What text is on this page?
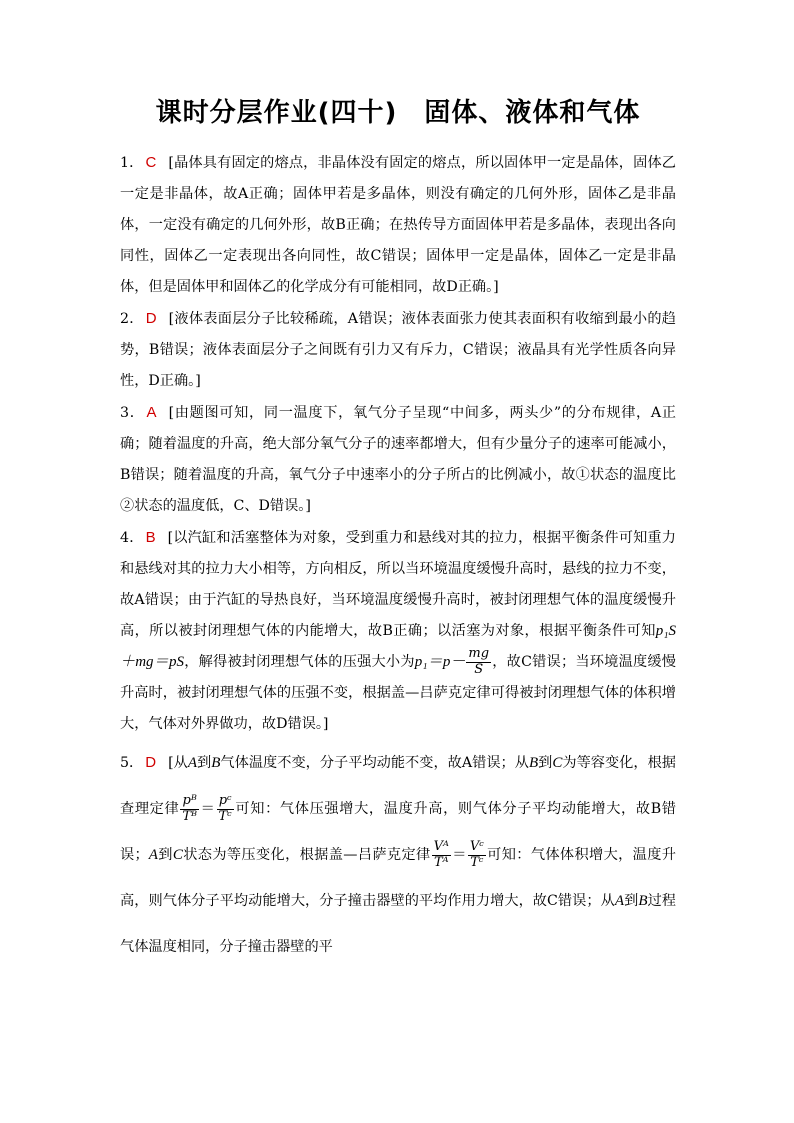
课时分层作业(四十)　固体、液体和气体

1． C [晶体具有固定的熔点，非晶体没有固定的熔点，所以固体甲一定是晶体，固体乙一定是非晶体，故A正确；固体甲若是多晶体，则没有确定的几何外形，固体乙是非晶体，一定没有确定的几何外形，故B正确；在热传导方面固体甲若是多晶体，表现出各向同性，固体乙一定表现出各向同性，故C错误；固体甲一定是晶体，固体乙一定是非晶体，但是固体甲和固体乙的化学成分有可能相同，故D正确。]

2． D [液体表面层分子比较稀疏，A错误；液体表面张力使其表面积有收缩到最小的趋势，B错误；液体表面层分子之间既有引力又有斥力，C错误；液晶具有光学性质各向异性，D正确。]

3． A [由题图可知，同一温度下，氧气分子呈现“中间多，两头少”的分布规律，A正确；随着温度的升高，绝大部分氧气分子的速率都增大，但有少量分子的速率可能减小，B错误；随着温度的升高，氧气分子中速率小的分子所占的比例减小，故①状态的温度比②状态的温度低，C、D错误。]

4． B [以汽缸和活塞整体为对象，受到重力和悬线对其的拉力，根据平衡条件可知重力和悬线对其的拉力大小相等，方向相反，所以当环境温度缓慢升高时，悬线的拉力不变，故A错误；由于汽缸的导热良好，当环境温度缓慢升高时，被封闭理想气体的温度缓慢升高，所以被封闭理想气体的内能增大，故B正确；以活塞为对象，根据平衡条件可知p₁S＋mg＝pS，解得被封闭理想气体的压强大小为$p_1=p- \frac{mg}{S}$ ，故C错误；当环境温度缓慢升高时，被封闭理想气体的压强不变，根据盖—吕萨克定律可得被封闭理想气体的体积增大，气体对外界做功，故D错误。]

5． D [从A到B气体温度不变，分子平均动能不变，故A错误；从B到C为等容变化，根据查理定律 $\frac{\text{pᴮ}}{\text{Tᴮ}} = \frac{\text{pᶜ}}{\text{Tᶜ}}$ 可知：气体压强增大，温度升高，则气体分子平均动能增大，故B错误；A到C状态为等压变化，根据盖—吕萨克定律 $\frac{\text{Vᴬ}}{\text{Tᴬ}} = \frac{\text{Vᶜ}}{\text{Tᶜ}}$ 可知：气体体积增大，温度升高，则气体分子平均动能增大，分子撞击器壁的平均作用力增大，故C错误；从A到B过程气体温度相同，分子撞击器壁的平
